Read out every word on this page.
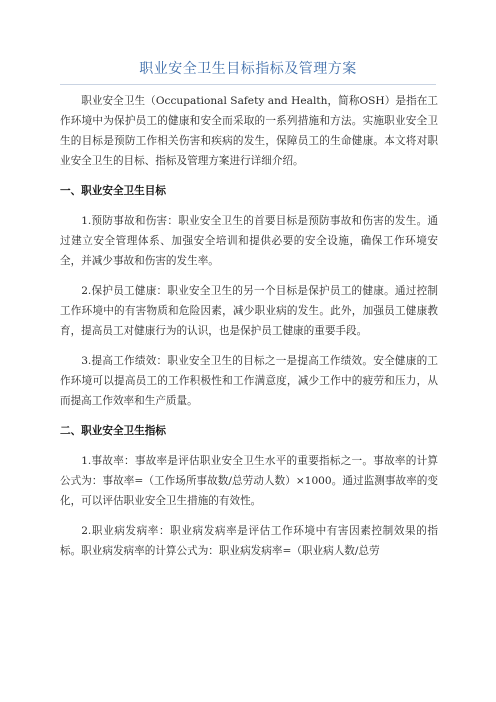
职业安全卫生目标指标及管理方案

职业安全卫生（Occupational Safety and Health，简称OSH）是指在工作环境中为保护员工的健康和安全而采取的一系列措施和方法。实施职业安全卫生的目标是预防工作相关伤害和疾病的发生，保障员工的生命健康。本文将对职业安全卫生的目标、指标及管理方案进行详细介绍。

一、职业安全卫生目标

1.预防事故和伤害：职业安全卫生的首要目标是预防事故和伤害的发生。通过建立安全管理体系、加强安全培训和提供必要的安全设施，确保工作环境安全，并减少事故和伤害的发生率。

2.保护员工健康：职业安全卫生的另一个目标是保护员工的健康。通过控制工作环境中的有害物质和危险因素，减少职业病的发生。此外，加强员工健康教育，提高员工对健康行为的认识，也是保护员工健康的重要手段。

3.提高工作绩效：职业安全卫生的目标之一是提高工作绩效。安全健康的工作环境可以提高员工的工作积极性和工作满意度，减少工作中的疲劳和压力，从而提高工作效率和生产质量。

二、职业安全卫生指标

1.事故率：事故率是评估职业安全卫生水平的重要指标之一。事故率的计算公式为：事故率=（工作场所事故数/总劳动人数）×1000。通过监测事故率的变化，可以评估职业安全卫生措施的有效性。

2.职业病发病率：职业病发病率是评估工作环境中有害因素控制效果的指标。职业病发病率的计算公式为：职业病发病率=（职业病人数/总劳
